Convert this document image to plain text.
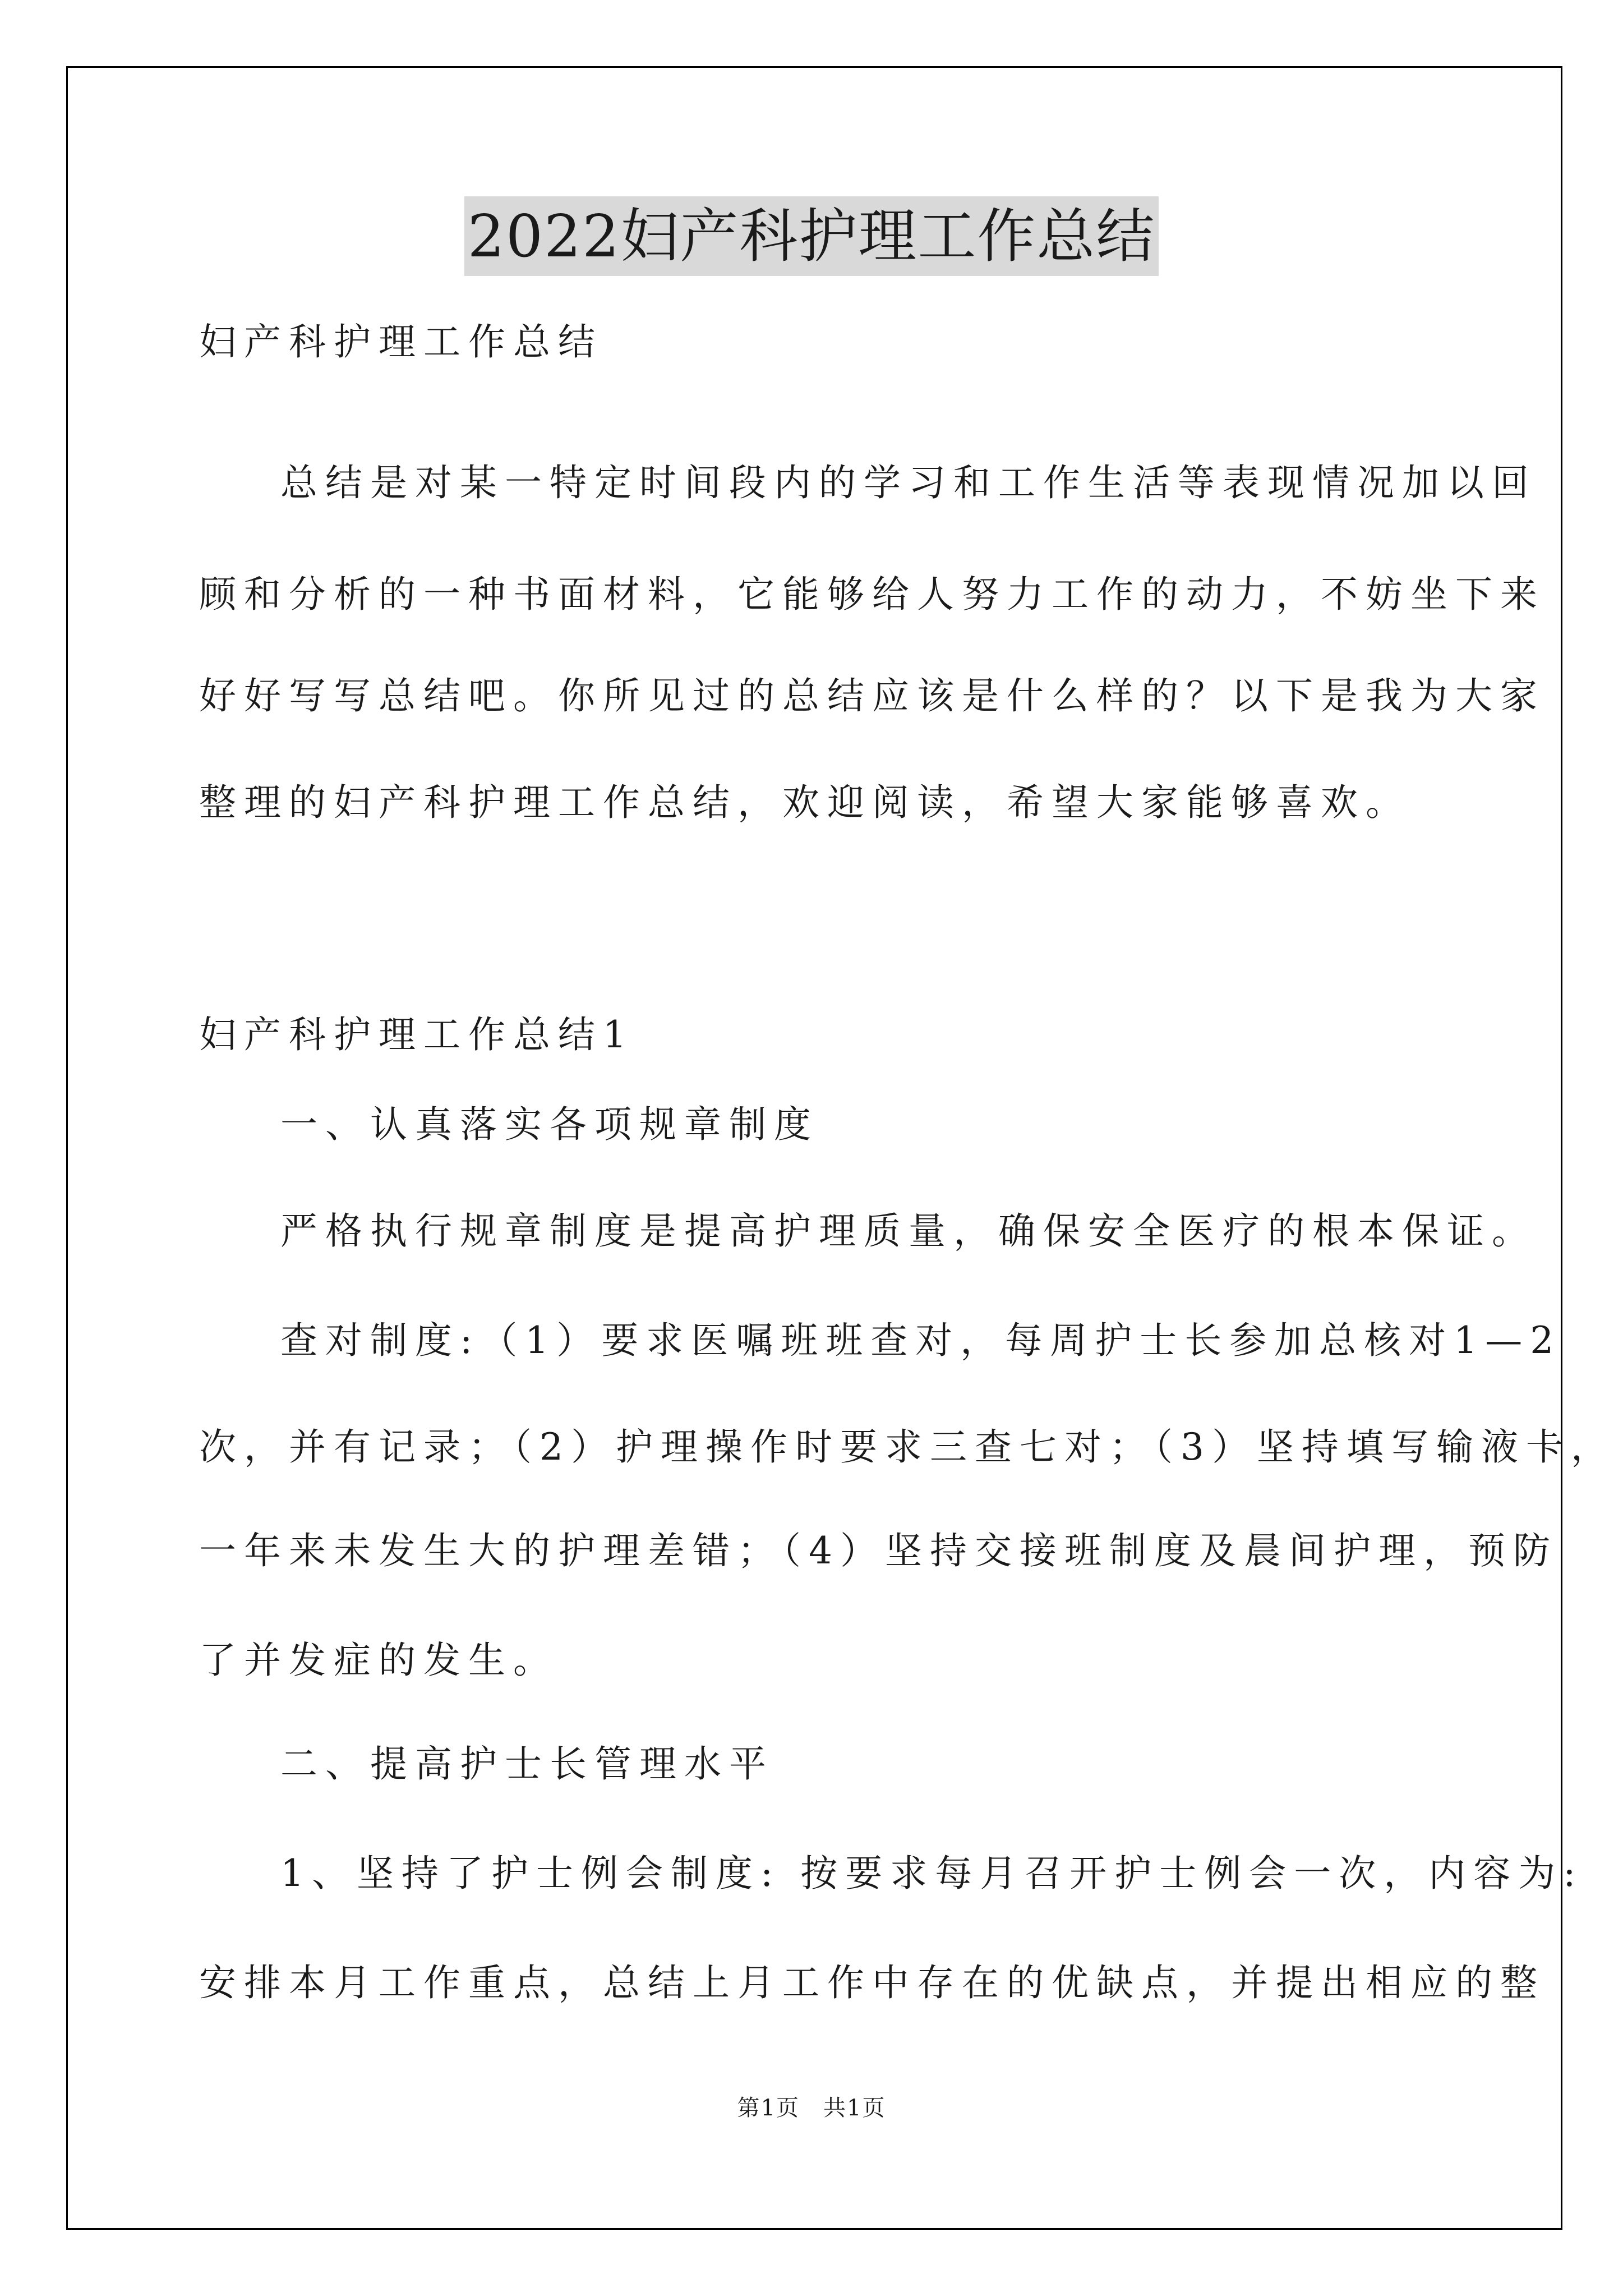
2022妇产科护理工作总结
妇产科护理工作总结
总结是对某一特定时间段内的学习和工作生活等表现情况加以回
顾和分析的一种书面材料，它能够给人努力工作的动力，不妨坐下来
好好写写总结吧。你所见过的总结应该是什么样的？以下是我为大家
整理的妇产科护理工作总结，欢迎阅读，希望大家能够喜欢。
妇产科护理工作总结1
一、认真落实各项规章制度
严格执行规章制度是提高护理质量，确保安全医疗的根本保证。
查对制度:（1）要求医嘱班班查对，每周护士长参加总核对1—2
次，并有记录；（2）护理操作时要求三查七对；（3）坚持填写输液卡，
一年来未发生大的护理差错；（4）坚持交接班制度及晨间护理，预防
了并发症的发生。
二、提高护士长管理水平
1、坚持了护士例会制度: 按要求每月召开护士例会一次，内容为:
安排本月工作重点，总结上月工作中存在的优缺点，并提出相应的整
第1页　共1页
